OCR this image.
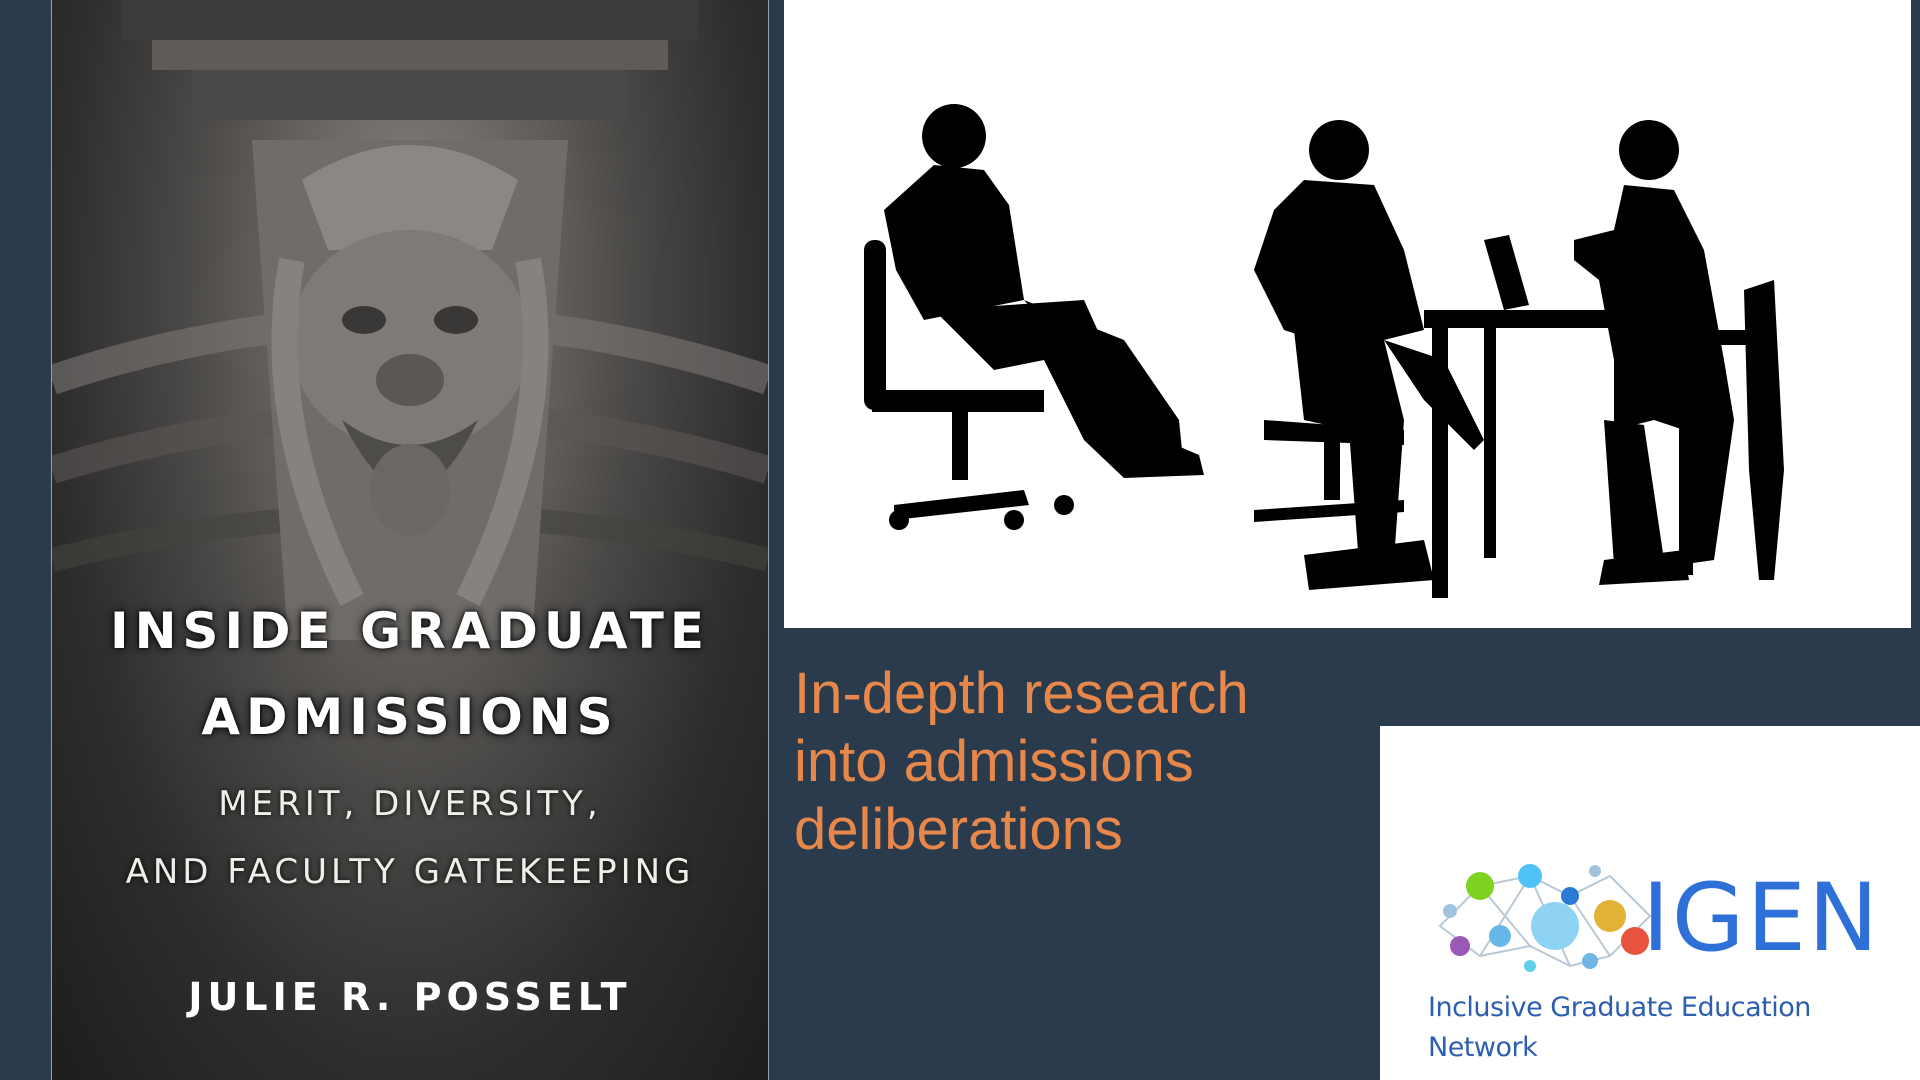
INSIDE GRADUATE
ADMISSIONS
MERIT, DIVERSITY,
AND FACULTY GATEKEEPING
JULIE R. POSSELT
In-depth research
into admissions
deliberations
IGEN
Inclusive Graduate Education Network
